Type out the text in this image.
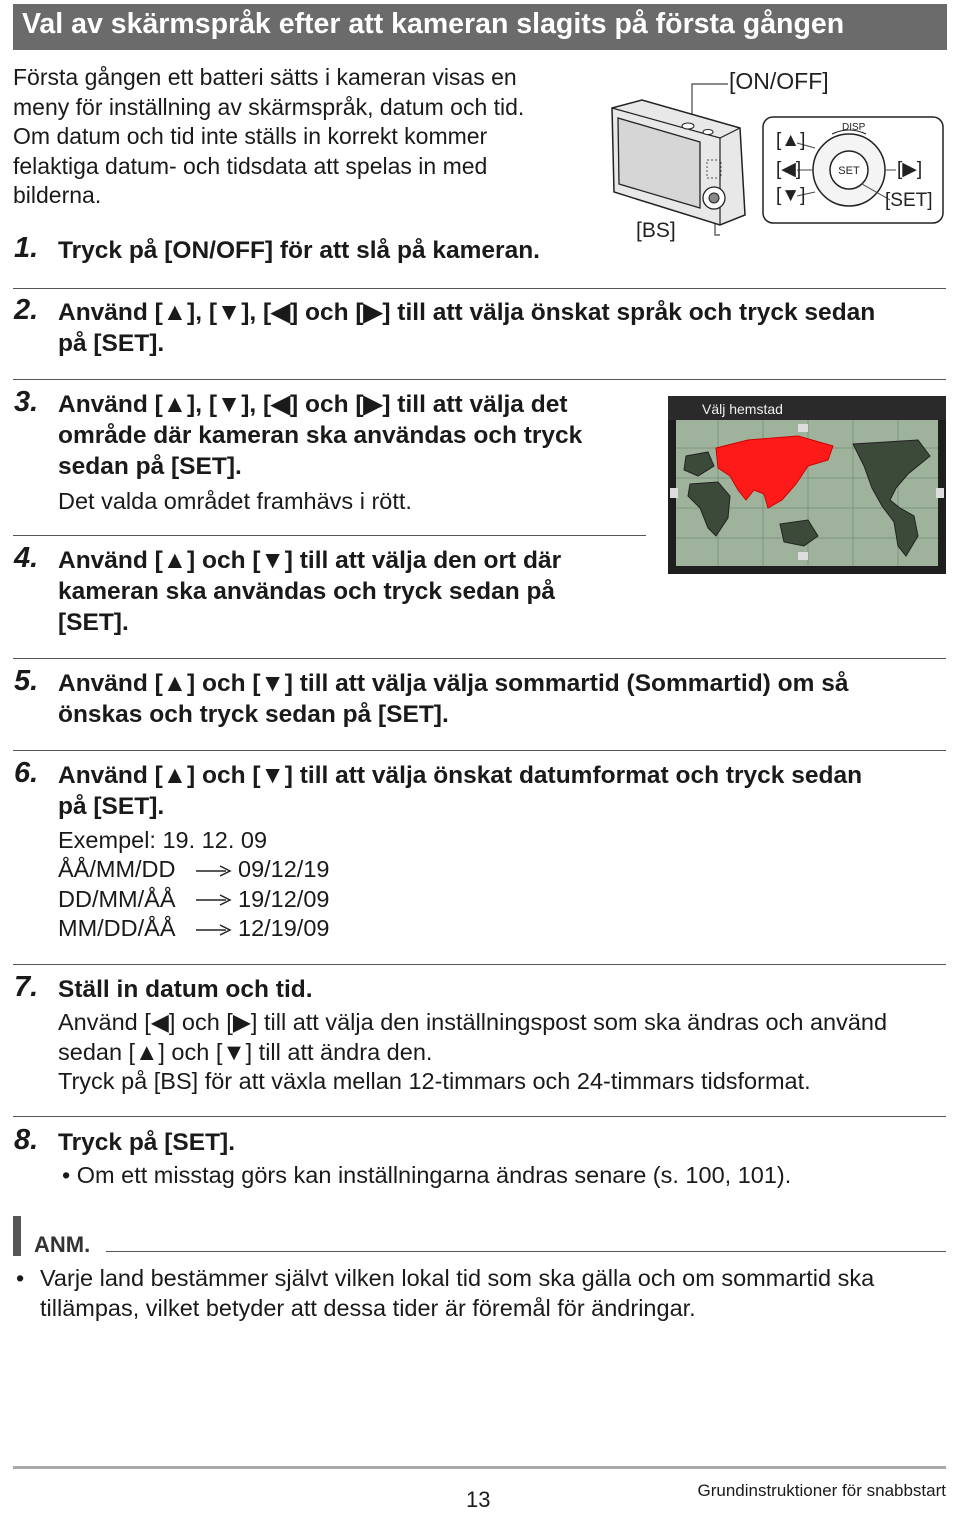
Val av skärmspråk efter att kameran slagits på första gången
Första gången ett batteri sätts i kameran visas en
meny för inställning av skärmspråk, datum och tid.
Om datum och tid inte ställs in korrekt kommer
felaktiga datum- och tidsdata att spelas in med
bilderna.
DISP
SET
[ON/OFF]
[BS]
[▲]
[◀]
[▼]
[▶]
[SET]
1. Tryck på [ON/OFF] för att slå på kameran.
2. Använd [▲], [▼], [◀] och [▶] till att välja önskat språk och tryck sedan
på [SET].
3. Använd [▲], [▼], [◀] och [▶] till att välja det
område där kameran ska användas och tryck
sedan på [SET].
Det valda området framhävs i rött.
Välj hemstad
4. Använd [▲] och [▼] till att välja den ort där
kameran ska användas och tryck sedan på
[SET].
5. Använd [▲] och [▼] till att välja välja sommartid (Sommartid) om så
önskas och tryck sedan på [SET].
6. Använd [▲] och [▼] till att välja önskat datumformat och tryck sedan
på [SET].
Exempel: 19. 12. 09
ÅÅ/MM/DD	09/12/19
DD/MM/ÅÅ	19/12/09
MM/DD/ÅÅ	12/19/09
7. Ställ in datum och tid.
Använd [◀] och [▶] till att välja den inställningspost som ska ändras och använd
sedan [▲] och [▼] till att ändra den.
Tryck på [BS] för att växla mellan 12-timmars och 24-timmars tidsformat.
8. Tryck på [SET].
• Om ett misstag görs kan inställningarna ändras senare (s. 100, 101).
ANM.
• Varje land bestämmer självt vilken lokal tid som ska gälla och om sommartid ska
tillämpas, vilket betyder att dessa tider är föremål för ändringar.
13	Grundinstruktioner för snabbstart
